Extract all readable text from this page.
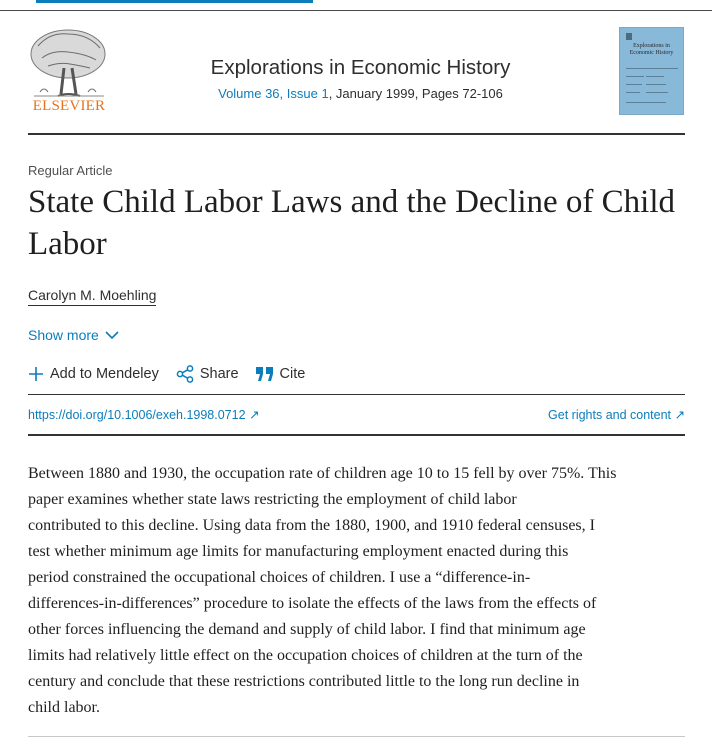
ELSEVIER
Explorations in Economic History
Volume 36, Issue 1, January 1999, Pages 72-106
Explorations in Economic History
Regular Article
State Child Labor Laws and the Decline of Child Labor
Carolyn M. Moehling
Show more
Add to Mendeley	Share	Cite
https://doi.org/10.1006/exeh.1998.0712 ↗	Get rights and content ↗
Between 1880 and 1930, the occupation rate of children age 10 to 15 fell by over 75%. This
paper examines whether state laws restricting the employment of child labor
contributed to this decline. Using data from the 1880, 1900, and 1910 federal censuses, I
test whether minimum age limits for manufacturing employment enacted during this
period constrained the occupational choices of children. I use a “difference-in-
differences-in-differences” procedure to isolate the effects of the laws from the effects of
other forces influencing the demand and supply of child labor. I find that minimum age
limits had relatively little effect on the occupation choices of children at the turn of the
century and conclude that these restrictions contributed little to the long run decline in
child labor.
